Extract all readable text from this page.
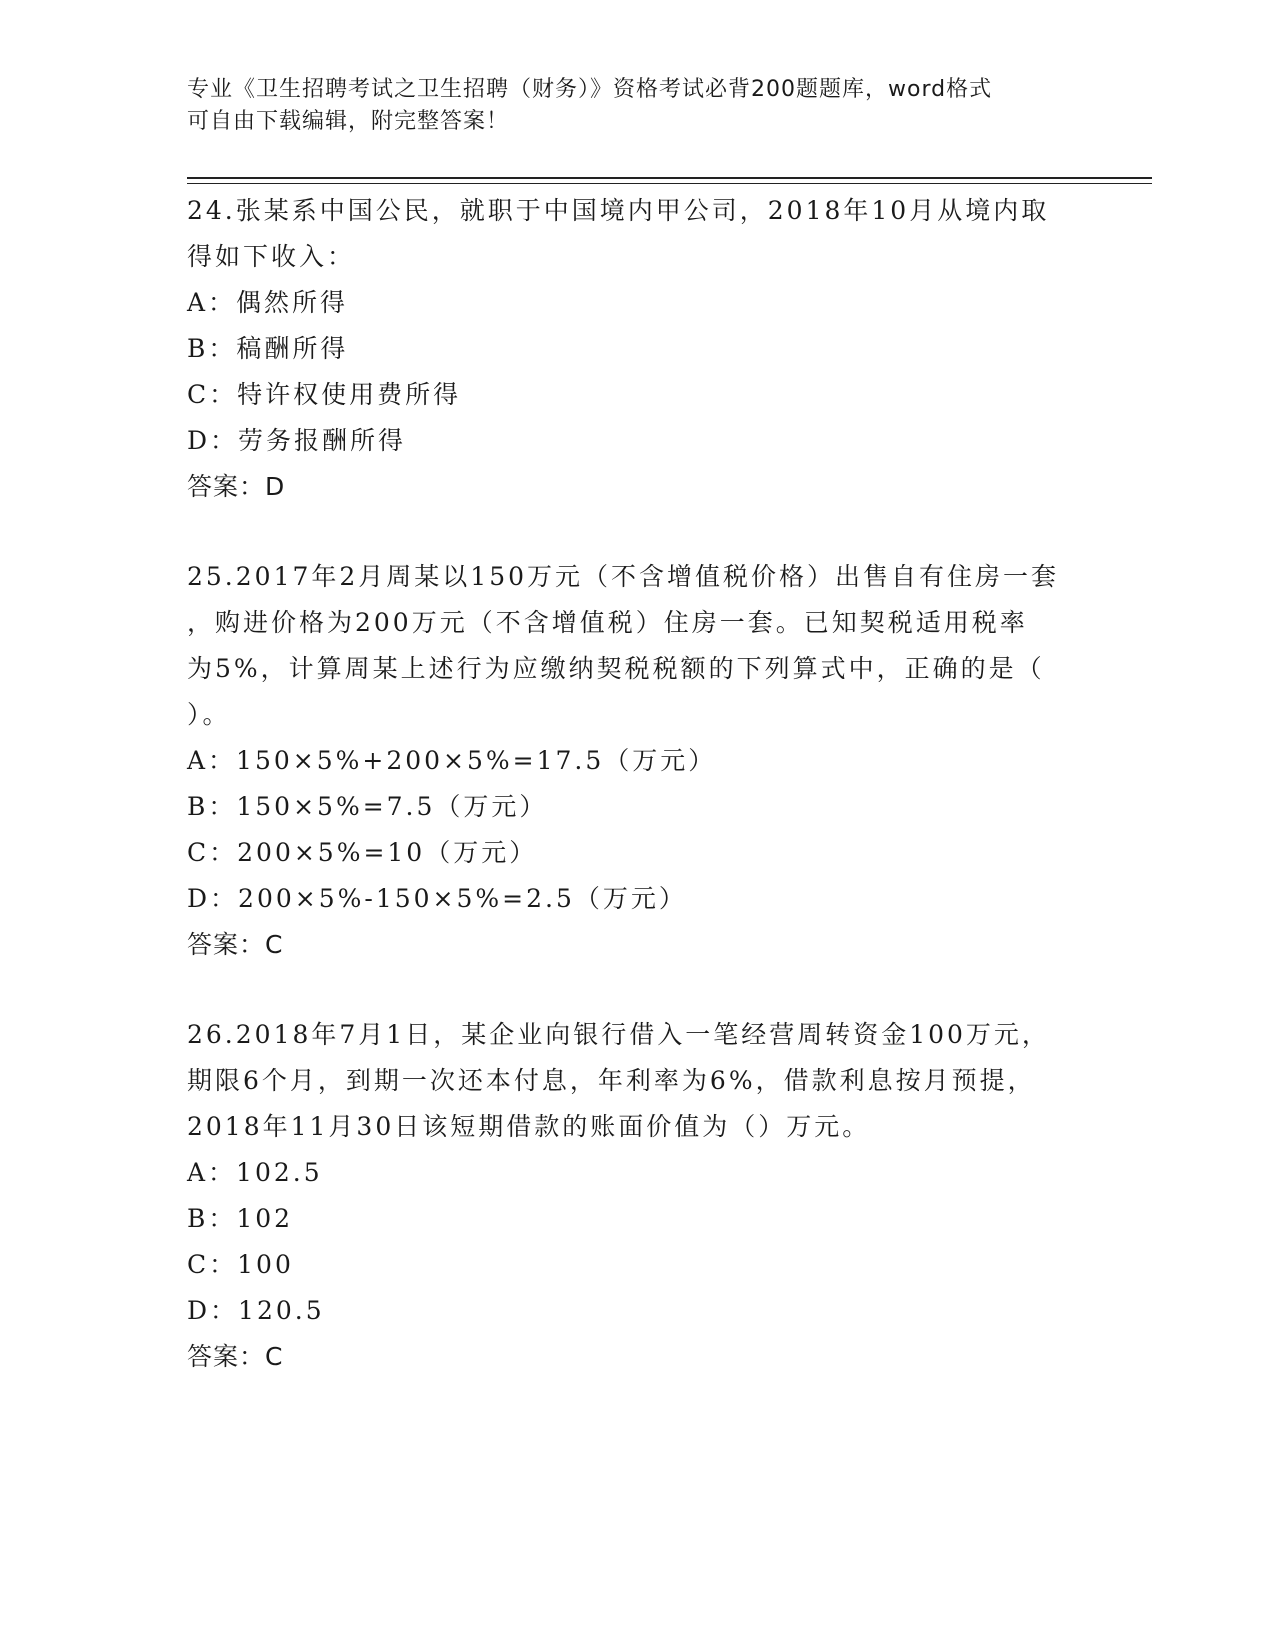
专业《卫生招聘考试之卫生招聘（财务）》资格考试必背200题题库，word格式
可自由下载编辑，附完整答案！
24.张某系中国公民，就职于中国境内甲公司，2018年10月从境内取
得如下收入：
A：偶然所得
B：稿酬所得
C：特许权使用费所得
D：劳务报酬所得
答案：D
25.2017年2月周某以150万元（不含增值税价格）出售自有住房一套
，购进价格为200万元（不含增值税）住房一套。已知契税适用税率
为5%，计算周某上述行为应缴纳契税税额的下列算式中，正确的是（
）。
A：150×5%+200×5%=17.5（万元）
B：150×5%=7.5（万元）
C：200×5%=10（万元）
D：200×5%-150×5%=2.5（万元）
答案：C
26.2018年7月1日，某企业向银行借入一笔经营周转资金100万元，
期限6个月，到期一次还本付息，年利率为6%，借款利息按月预提，
2018年11月30日该短期借款的账面价值为（）万元。
A：102.5
B：102
C：100
D：120.5
答案：C
